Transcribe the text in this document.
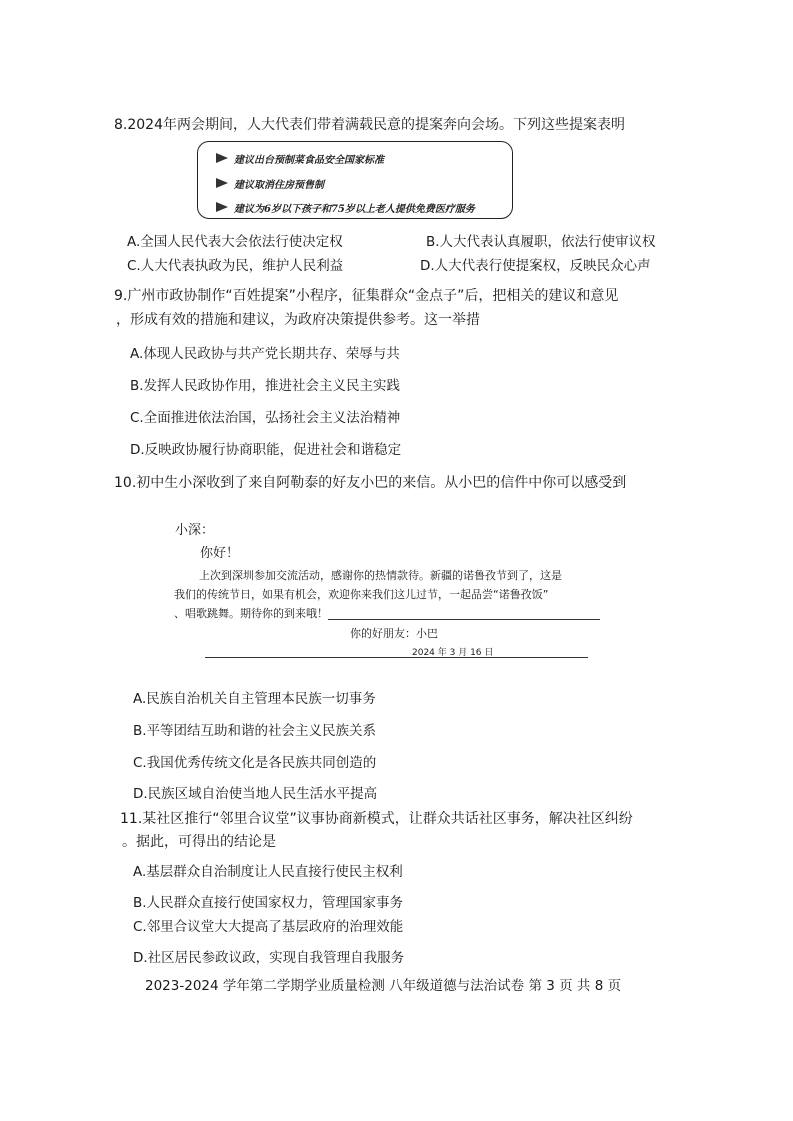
8.2024年两会期间，人大代表们带着满载民意的提案奔向会场。下列这些提案表明
建议出台预制菜食品安全国家标准
建议取消住房预售制
建议为6岁以下孩子和75岁以上老人提供免费医疗服务
A.全国人民代表大会依法行使决定权	B.人大代表认真履职，依法行使审议权
C.人大代表执政为民，维护人民利益	D.人大代表行使提案权，反映民众心声
9.广州市政协制作“百姓提案”小程序，征集群众“金点子”后，把相关的建议和意见
，形成有效的措施和建议，为政府决策提供参考。这一举措
A.体现人民政协与共产党长期共存、荣辱与共
B.发挥人民政协作用，推进社会主义民主实践
C.全面推进依法治国，弘扬社会主义法治精神
D.反映政协履行协商职能，促进社会和谐稳定
10.初中生小深收到了来自阿勒泰的好友小巴的来信。从小巴的信件中你可以感受到
小深：
你好！
上次到深圳参加交流活动，感谢你的热情款待。新疆的诺鲁孜节到了，这是
我们的传统节日，如果有机会，欢迎你来我们这儿过节，一起品尝“诺鲁孜饭”
、唱歌跳舞。期待你的到来哦！
你的好朋友：小巴
2024 年 3 月 16 日
A.民族自治机关自主管理本民族一切事务
B.平等团结互助和谐的社会主义民族关系
C.我国优秀传统文化是各民族共同创造的
D.民族区域自治使当地人民生活水平提高
11.某社区推行“邻里合议堂”议事协商新模式，让群众共话社区事务，解决社区纠纷
。据此，可得出的结论是
A.基层群众自治制度让人民直接行使民主权利
B.人民群众直接行使国家权力，管理国家事务
C.邻里合议堂大大提高了基层政府的治理效能
D.社区居民参政议政，实现自我管理自我服务
2023-2024 学年第二学期学业质量检测 八年级道德与法治试卷 第 3 页 共 8 页
